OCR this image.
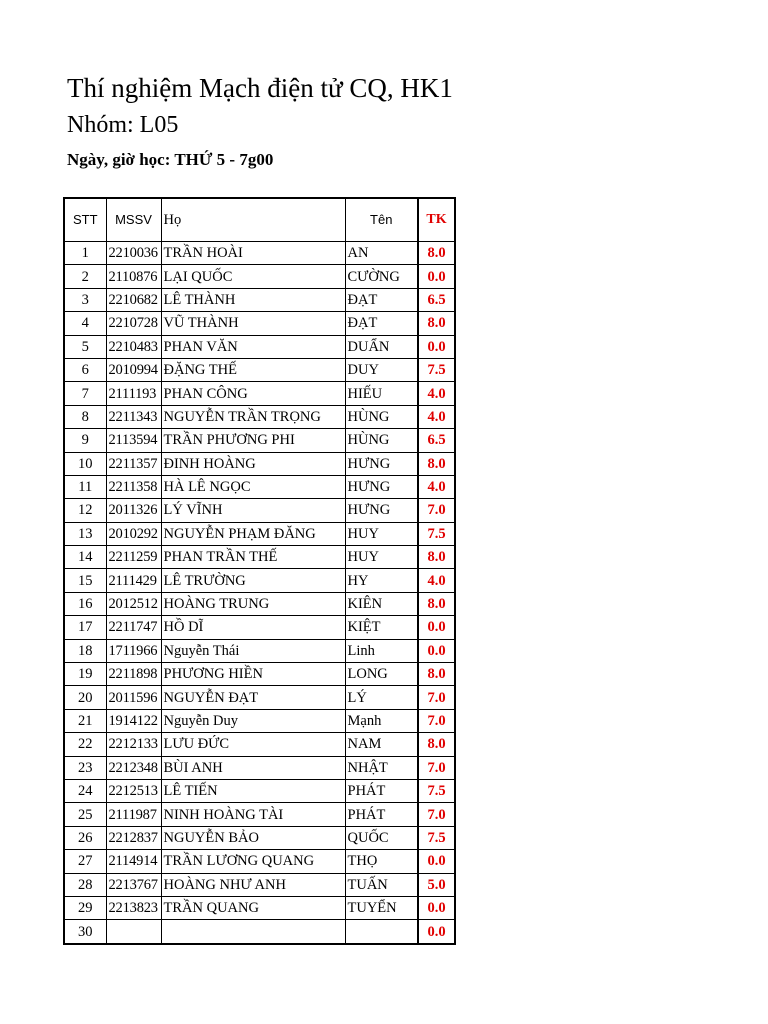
Thí nghiệm Mạch điện tử CQ, HK1
Nhóm: L05
Ngày, giờ học: THỨ 5 - 7g00
STT	MSSV	Họ	Tên	TK
1	2210036	TRẦN HOÀI	AN	8.0
2	2110876	LẠI QUỐC	CƯỜNG	0.0
3	2210682	LÊ THÀNH	ĐẠT	6.5
4	2210728	VŨ THÀNH	ĐẠT	8.0
5	2210483	PHAN VĂN	DUẨN	0.0
6	2010994	ĐẶNG THẾ	DUY	7.5
7	2111193	PHAN CÔNG	HIẾU	4.0
8	2211343	NGUYỄN TRẦN TRỌNG	HÙNG	4.0
9	2113594	TRẦN PHƯƠNG PHI	HÙNG	6.5
10	2211357	ĐINH HOÀNG	HƯNG	8.0
11	2211358	HÀ LÊ NGỌC	HƯNG	4.0
12	2011326	LÝ VĨNH	HƯNG	7.0
13	2010292	NGUYỄN PHẠM ĐĂNG	HUY	7.5
14	2211259	PHAN TRẦN THẾ	HUY	8.0
15	2111429	LÊ TRƯỜNG	HY	4.0
16	2012512	HOÀNG TRUNG	KIÊN	8.0
17	2211747	HỒ DĨ	KIỆT	0.0
18	1711966	Nguyễn Thái	Linh	0.0
19	2211898	PHƯƠNG HIỀN	LONG	8.0
20	2011596	NGUYỄN ĐẠT	LÝ	7.0
21	1914122	Nguyễn Duy	Mạnh	7.0
22	2212133	LƯU ĐỨC	NAM	8.0
23	2212348	BÙI ANH	NHẬT	7.0
24	2212513	LÊ TIẾN	PHÁT	7.5
25	2111987	NINH HOÀNG TÀI	PHÁT	7.0
26	2212837	NGUYỄN BẢO	QUỐC	7.5
27	2114914	TRẦN LƯƠNG QUANG	THỌ	0.0
28	2213767	HOÀNG NHƯ ANH	TUẤN	5.0
29	2213823	TRẦN QUANG	TUYỂN	0.0
30				0.0
